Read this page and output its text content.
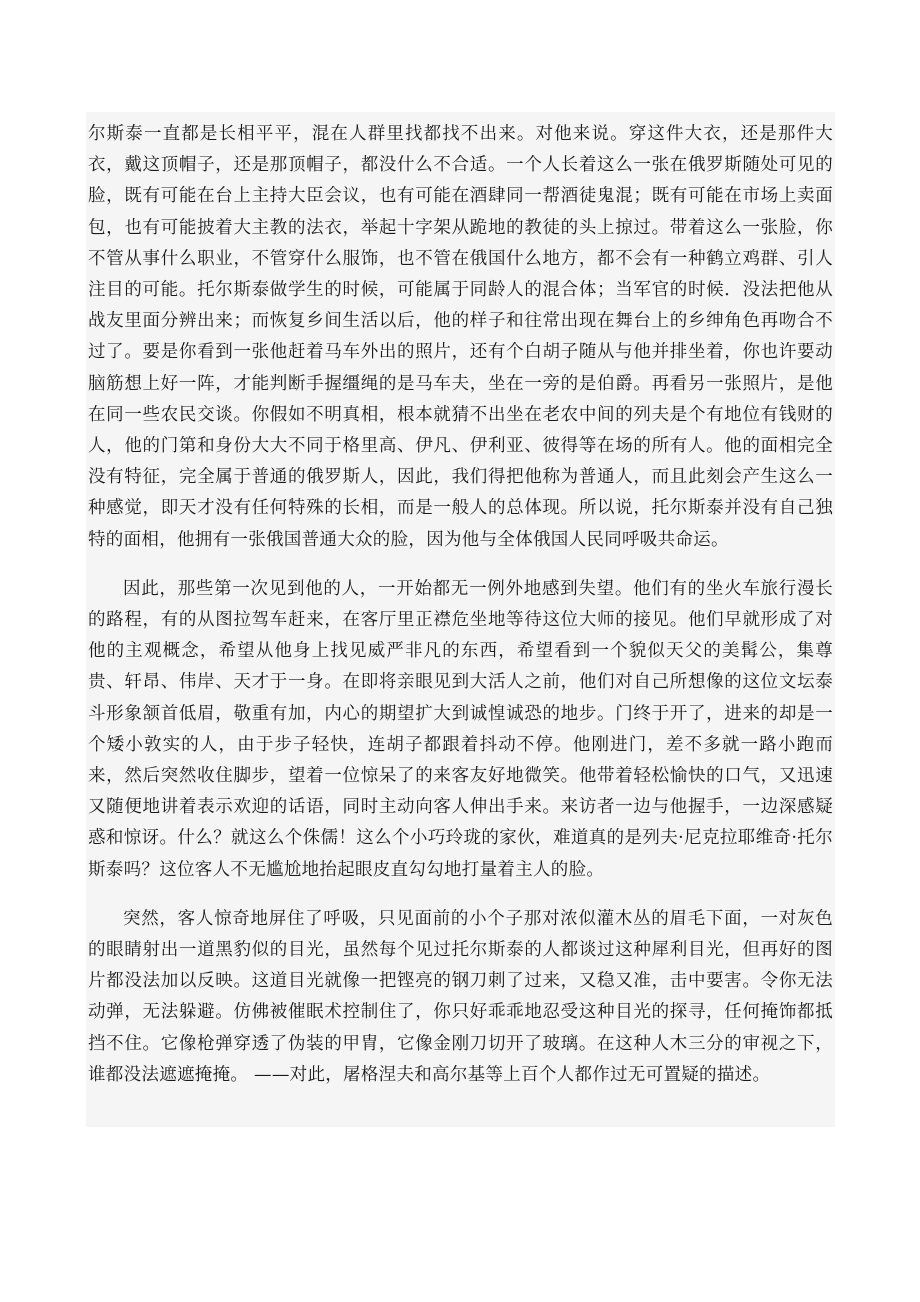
尔斯泰一直都是长相平平，混在人群里找都找不出来。对他来说。穿这件大衣，还是那件大衣，戴这顶帽子，还是那顶帽子，都没什么不合适。一个人长着这么一张在俄罗斯随处可见的脸，既有可能在台上主持大臣会议，也有可能在酒肆同一帮酒徒鬼混；既有可能在市场上卖面包，也有可能披着大主教的法衣，举起十字架从跪地的教徒的头上掠过。带着这么一张脸，你不管从事什么职业，不管穿什么服饰，也不管在俄国什么地方，都不会有一种鹤立鸡群、引人注目的可能。托尔斯泰做学生的时候，可能属于同龄人的混合体；当军官的时候．没法把他从战友里面分辨出来；而恢复乡间生活以后，他的样子和往常出现在舞台上的乡绅角色再吻合不过了。要是你看到一张他赶着马车外出的照片，还有个白胡子随从与他并排坐着，你也许要动脑筋想上好一阵，才能判断手握缰绳的是马车夫，坐在一旁的是伯爵。再看另一张照片，是他在同一些农民交谈。你假如不明真相，根本就猜不出坐在老农中间的列夫是个有地位有钱财的人，他的门第和身份大大不同于格里高、伊凡、伊利亚、彼得等在场的所有人。他的面相完全没有特征，完全属于普通的俄罗斯人，因此，我们得把他称为普通人，而且此刻会产生这么一种感觉，即天才没有任何特殊的长相，而是一般人的总体现。所以说，托尔斯泰并没有自己独特的面相，他拥有一张俄国普通大众的脸，因为他与全体俄国人民同呼吸共命运。

因此，那些第一次见到他的人，一开始都无一例外地感到失望。他们有的坐火车旅行漫长的路程，有的从图拉驾车赶来，在客厅里正襟危坐地等待这位大师的接见。他们早就形成了对他的主观概念，希望从他身上找见威严非凡的东西，希望看到一个貌似天父的美髯公，集尊贵、轩昂、伟岸、天才于一身。在即将亲眼见到大活人之前，他们对自己所想像的这位文坛泰斗形象颔首低眉，敬重有加，内心的期望扩大到诚惶诚恐的地步。门终于开了，进来的却是一个矮小敦实的人，由于步子轻快，连胡子都跟着抖动不停。他刚进门，差不多就一路小跑而来，然后突然收住脚步，望着一位惊呆了的来客友好地微笑。他带着轻松愉快的口气，又迅速又随便地讲着表示欢迎的话语，同时主动向客人伸出手来。来访者一边与他握手，一边深感疑惑和惊讶。什么？就这么个侏儒！这么个小巧玲珑的家伙，难道真的是列夫·尼克拉耶维奇·托尔斯泰吗？这位客人不无尴尬地抬起眼皮直勾勾地打量着主人的脸。

突然，客人惊奇地屏住了呼吸，只见面前的小个子那对浓似灌木丛的眉毛下面，一对灰色的眼睛射出一道黑豹似的目光，虽然每个见过托尔斯泰的人都谈过这种犀利目光，但再好的图片都没法加以反映。这道目光就像一把铿亮的钢刀刺了过来，又稳又准，击中要害。令你无法动弹，无法躲避。仿佛被催眠术控制住了，你只好乖乖地忍受这种目光的探寻，任何掩饰都抵挡不住。它像枪弹穿透了伪装的甲胄，它像金刚刀切开了玻璃。在这种人木三分的审视之下，谁都没法遮遮掩掩。 ——对此，屠格涅夫和高尔基等上百个人都作过无可置疑的描述。
